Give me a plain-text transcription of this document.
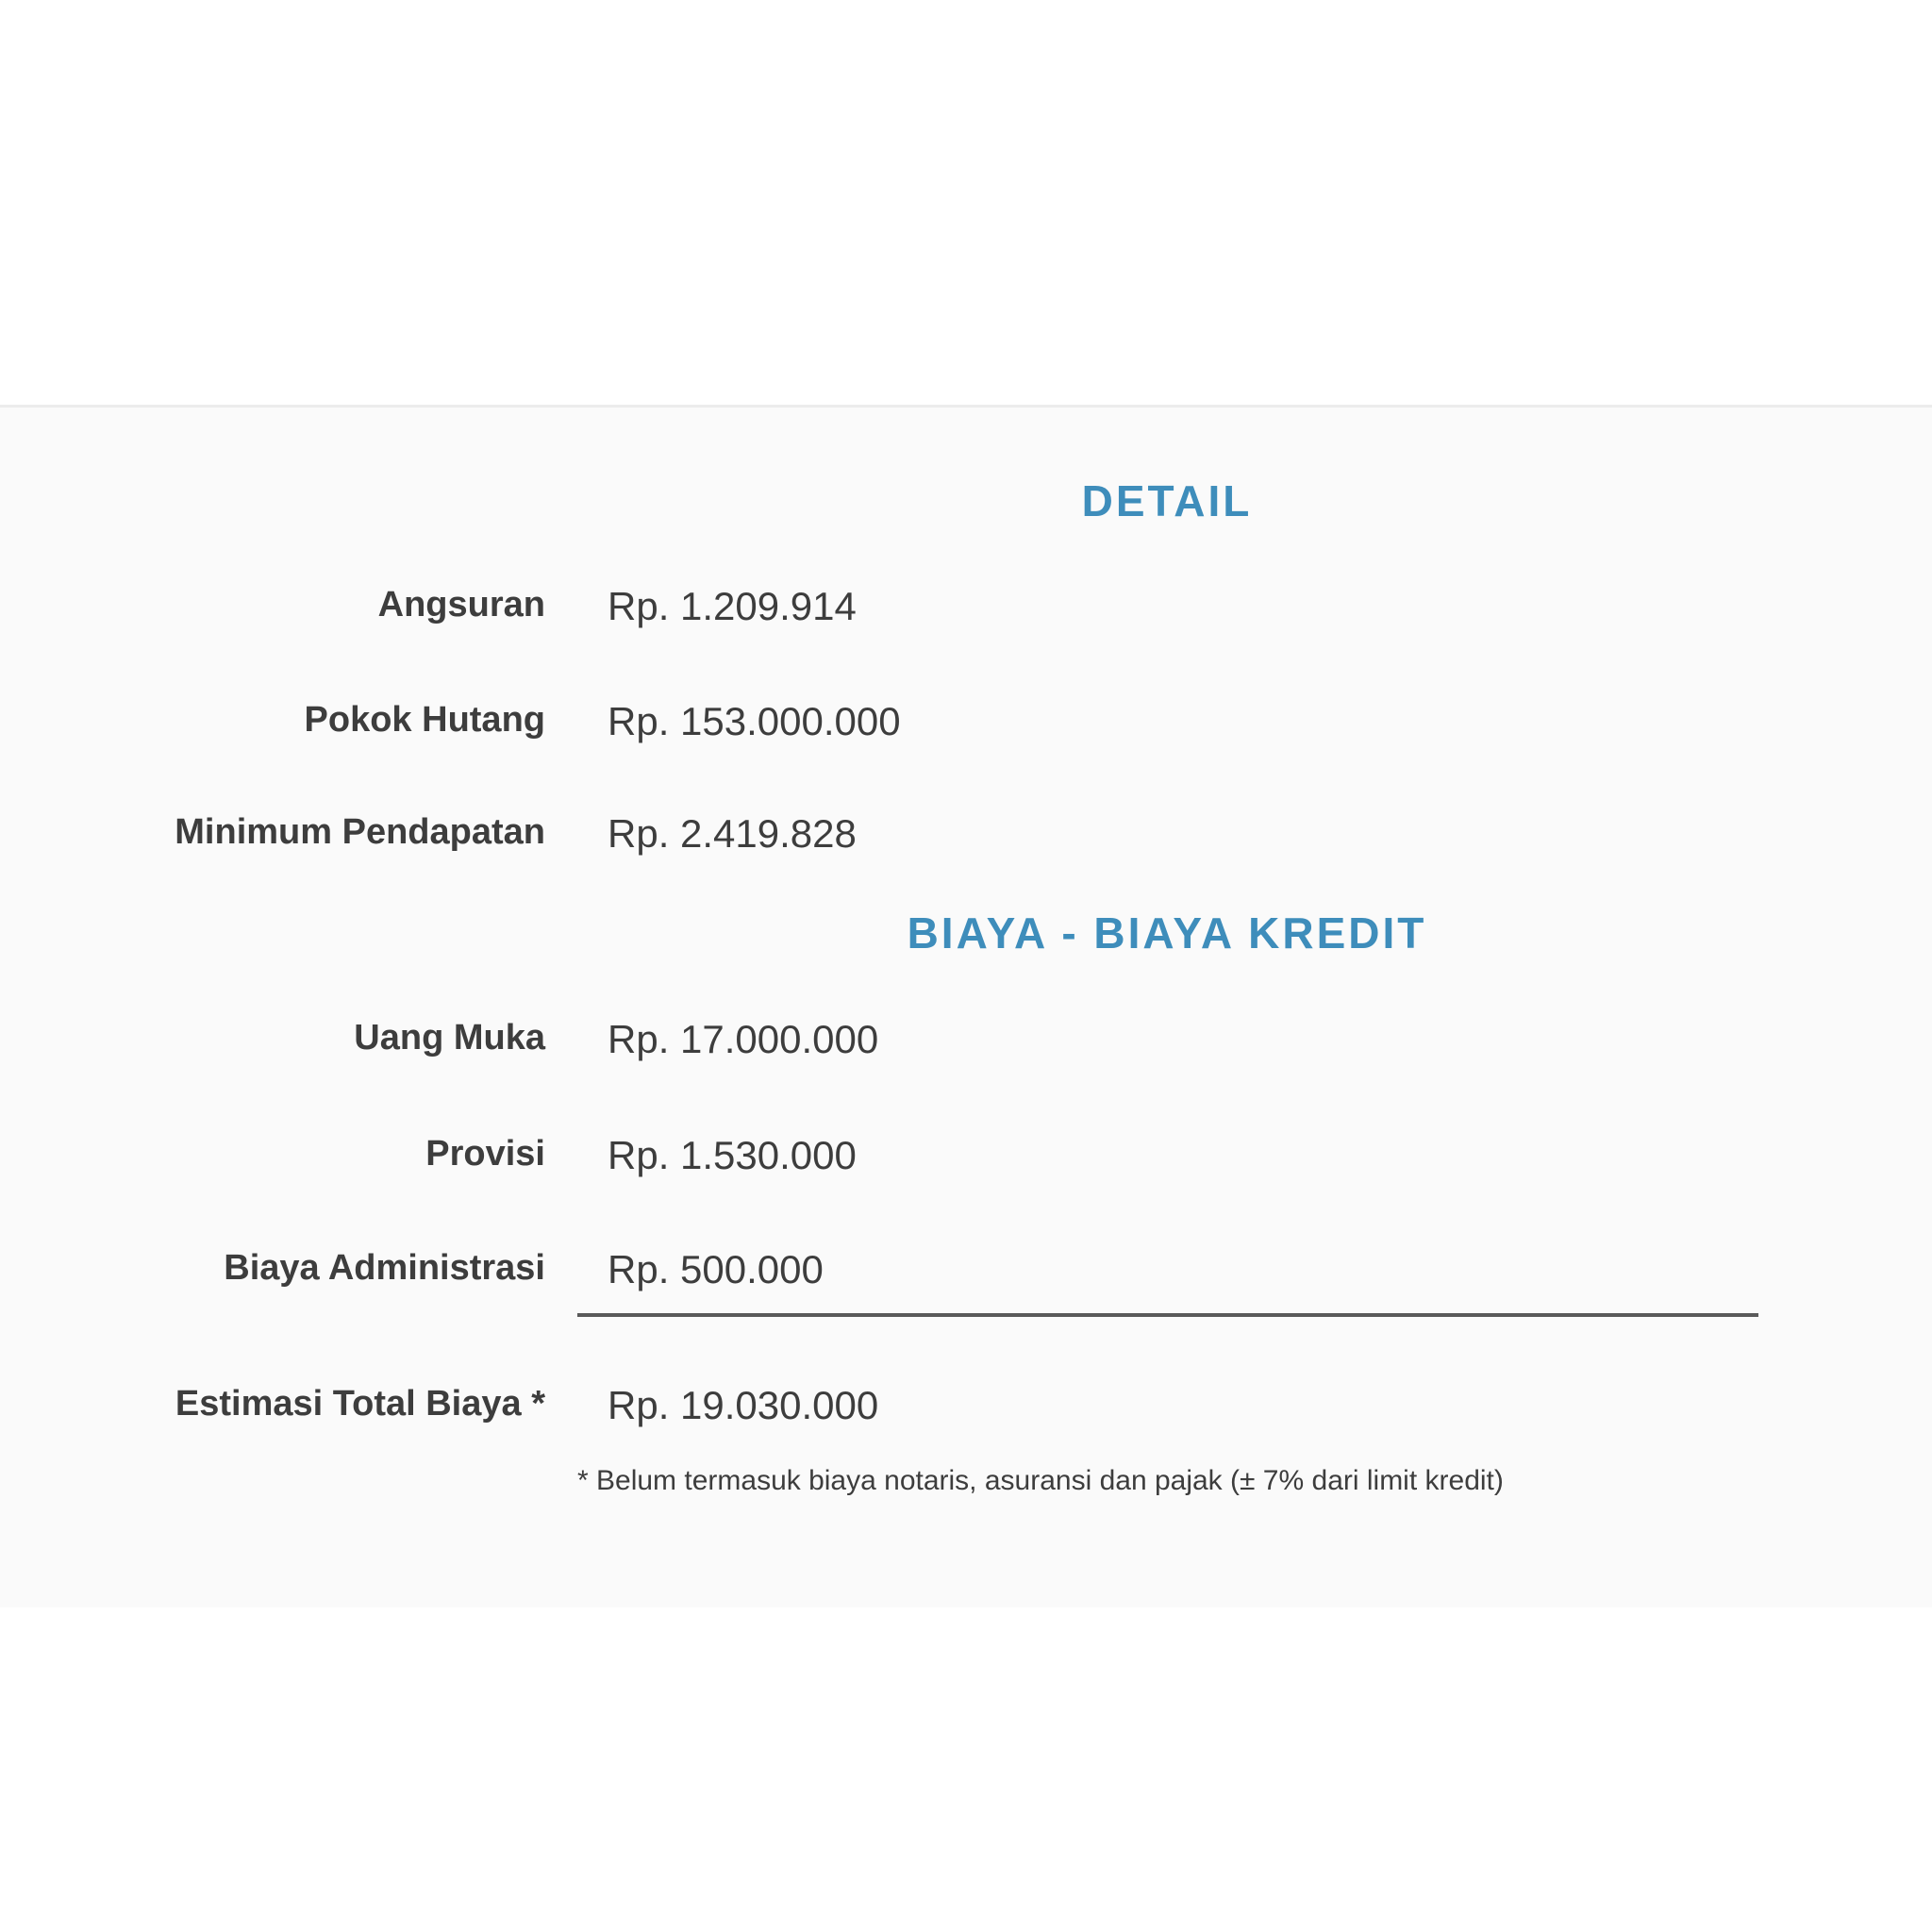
DETAIL
Angsuran Rp. 1.209.914
Pokok Hutang Rp. 153.000.000
Minimum Pendapatan Rp. 2.419.828
BIAYA - BIAYA KREDIT
Uang Muka Rp. 17.000.000
Provisi Rp. 1.530.000
Biaya Administrasi Rp. 500.000
Estimasi Total Biaya * Rp. 19.030.000
* Belum termasuk biaya notaris, asuransi dan pajak (± 7% dari limit kredit)
